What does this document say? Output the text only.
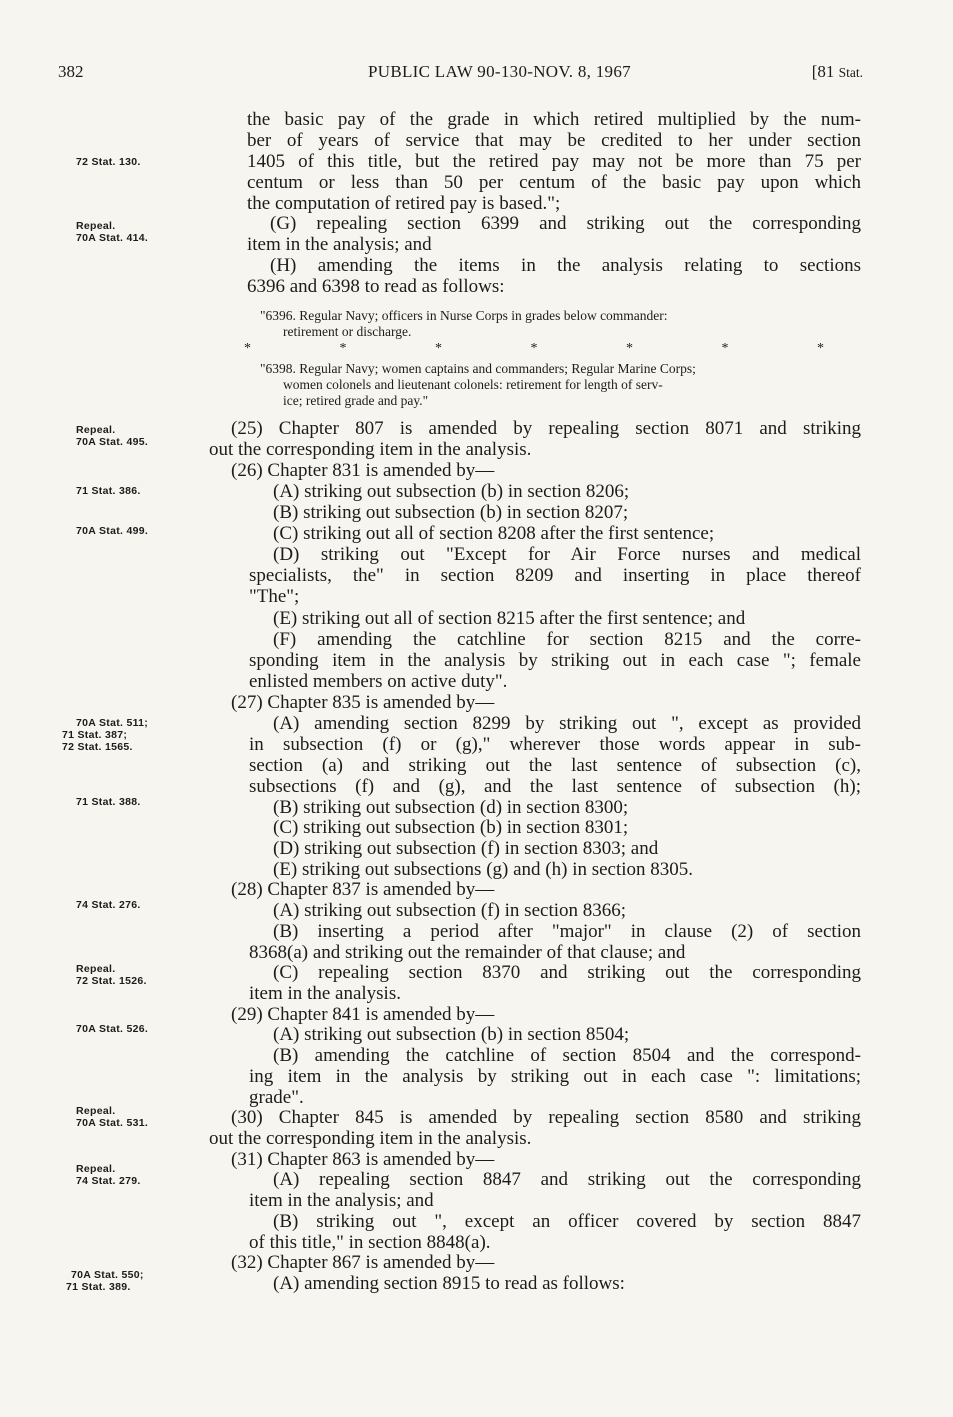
382	PUBLIC LAW 90-130-NOV. 8, 1967	[81 Stat.
72 Stat. 130.
Repeal.
70A Stat. 414.
Repeal.
70A Stat. 495.
71 Stat. 386.
70A Stat. 499.
70A Stat. 511;
71 Stat. 387;
72 Stat. 1565.
71 Stat. 388.
74 Stat. 276.
Repeal.
72 Stat. 1526.
70A Stat. 526.
Repeal.
70A Stat. 531.
Repeal.
74 Stat. 279.
70A Stat. 550;
71 Stat. 389.
the basic pay of the grade in which retired multiplied by the num-
ber of years of service that may be credited to her under section
1405 of this title, but the retired pay may not be more than 75 per
centum or less than 50 per centum of the basic pay upon which
the computation of retired pay is based.";
(G) repealing section 6399 and striking out the corresponding
item in the analysis; and
(H) amending the items in the analysis relating to sections
6396 and 6398 to read as follows:
"6396. Regular Navy; officers in Nurse Corps in grades below commander:
retirement or discharge.
*	*	*	*	*	*	*
"6398. Regular Navy; women captains and commanders; Regular Marine Corps;
women colonels and lieutenant colonels: retirement for length of serv-
ice; retired grade and pay."
(25) Chapter 807 is amended by repealing section 8071 and striking
out the corresponding item in the analysis.
(26) Chapter 831 is amended by—
(A) striking out subsection (b) in section 8206;
(B) striking out subsection (b) in section 8207;
(C) striking out all of section 8208 after the first sentence;
(D) striking out "Except for Air Force nurses and medical
specialists, the" in section 8209 and inserting in place thereof
"The";
(E) striking out all of section 8215 after the first sentence; and
(F) amending the catchline for section 8215 and the corre-
sponding item in the analysis by striking out in each case "; female
enlisted members on active duty".
(27) Chapter 835 is amended by—
(A) amending section 8299 by striking out ", except as provided
in subsection (f) or (g)," wherever those words appear in sub-
section (a) and striking out the last sentence of subsection (c),
subsections (f) and (g), and the last sentence of subsection (h);
(B) striking out subsection (d) in section 8300;
(C) striking out subsection (b) in section 8301;
(D) striking out subsection (f) in section 8303; and
(E) striking out subsections (g) and (h) in section 8305.
(28) Chapter 837 is amended by—
(A) striking out subsection (f) in section 8366;
(B) inserting a period after "major" in clause (2) of section
8368(a) and striking out the remainder of that clause; and
(C) repealing section 8370 and striking out the corresponding
item in the analysis.
(29) Chapter 841 is amended by—
(A) striking out subsection (b) in section 8504;
(B) amending the catchline of section 8504 and the correspond-
ing item in the analysis by striking out in each case ": limitations;
grade".
(30) Chapter 845 is amended by repealing section 8580 and striking
out the corresponding item in the analysis.
(31) Chapter 863 is amended by—
(A) repealing section 8847 and striking out the corresponding
item in the analysis; and
(B) striking out ", except an officer covered by section 8847
of this title," in section 8848(a).
(32) Chapter 867 is amended by—
(A) amending section 8915 to read as follows:
